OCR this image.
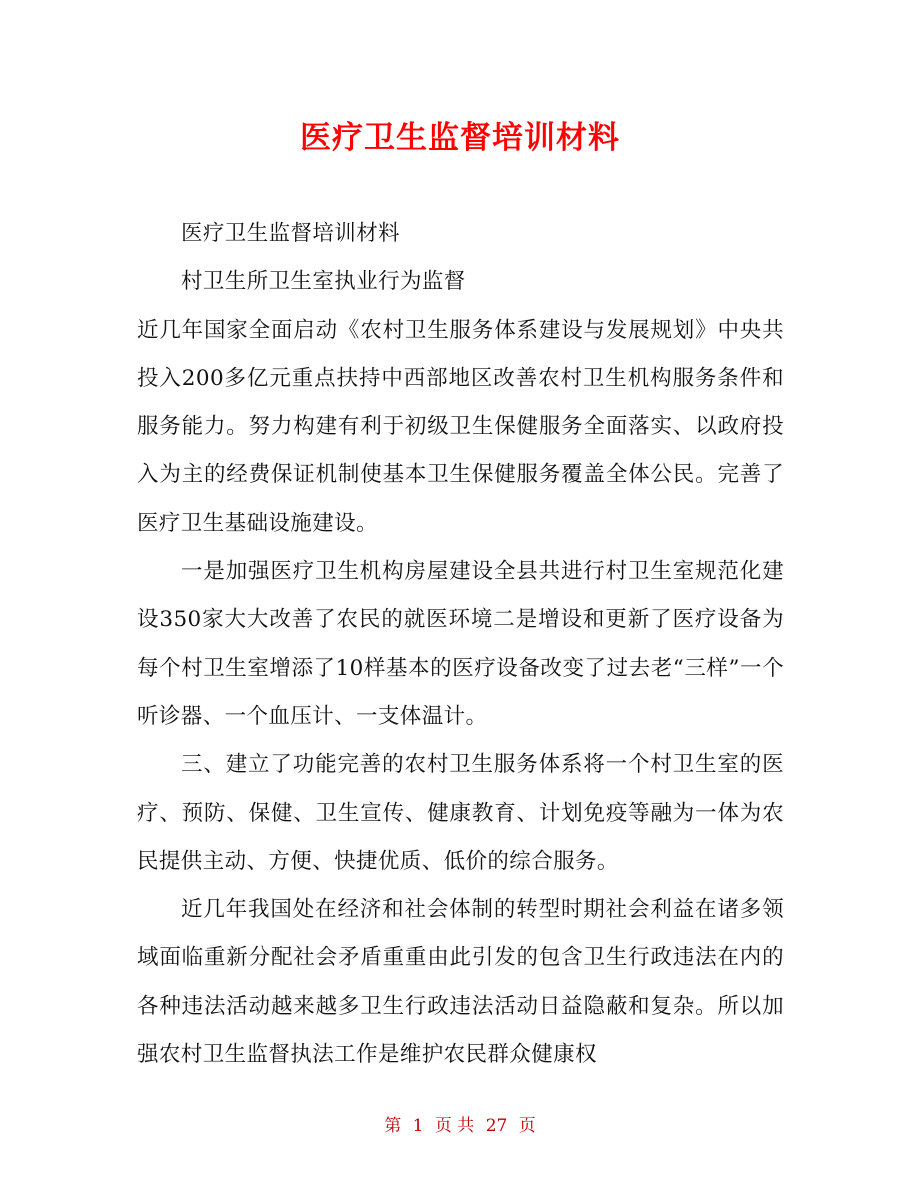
医疗卫生监督培训材料

医疗卫生监督培训材料

村卫生所卫生室执业行为监督

近几年国家全面启动《农村卫生服务体系建设与发展规划》中央共投入200多亿元重点扶持中西部地区改善农村卫生机构服务条件和服务能力。努力构建有利于初级卫生保健服务全面落实、以政府投入为主的经费保证机制使基本卫生保健服务覆盖全体公民。完善了医疗卫生基础设施建设。

一是加强医疗卫生机构房屋建设全县共进行村卫生室规范化建设350家大大改善了农民的就医环境二是增设和更新了医疗设备为每个村卫生室增添了10样基本的医疗设备改变了过去老“三样”一个听诊器、一个血压计、一支体温计。

三、建立了功能完善的农村卫生服务体系将一个村卫生室的医疗、预防、保健、卫生宣传、健康教育、计划免疫等融为一体为农民提供主动、方便、快捷优质、低价的综合服务。

近几年我国处在经济和社会体制的转型时期社会利益在诸多领域面临重新分配社会矛盾重重由此引发的包含卫生行政违法在内的各种违法活动越来越多卫生行政违法活动日益隐蔽和复杂。所以加强农村卫生监督执法工作是维护农民群众健康权

第 1 页 共 27 页
